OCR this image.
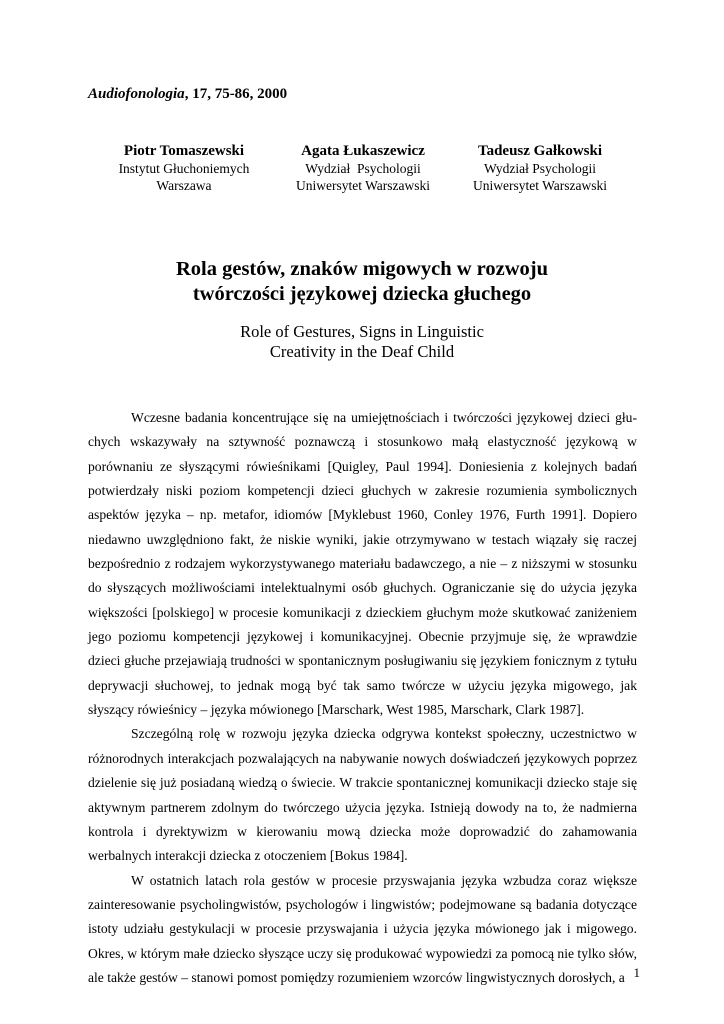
Audiofonologia, 17, 75-86, 2000
Piotr Tomaszewski
Instytut Głuchoniemych
Warszawa
Agata Łukaszewicz
Wydział  Psychologii
Uniwersytet Warszawski
Tadeusz Gałkowski
Wydział Psychologii
Uniwersytet Warszawski
Rola gestów, znaków migowych w rozwoju
twórczości językowej dziecka głuchego
Role of Gestures, Signs in Linguistic
Creativity in the Deaf Child

Wczesne badania koncentrujące się na umiejętnościach i twórczości językowej dzieci głuchych wskazywały na sztywność poznawczą i stosunkowo małą elastyczność językową w porównaniu ze słyszącymi rówieśnikami [Quigley, Paul 1994]. Doniesienia z kolejnych badań potwierdzały niski poziom kompetencji dzieci głuchych w zakresie rozumienia symbolicznych aspektów języka – np. metafor, idiomów [Myklebust 1960, Conley 1976, Furth 1991]. Dopiero niedawno uwzględniono fakt, że niskie wyniki, jakie otrzymywano w testach wiązały się raczej bezpośrednio z rodzajem wykorzystywanego materiału badawczego, a nie – z niższymi w stosunku do słyszących możliwościami intelektualnymi osób głuchych. Ograniczanie się do użycia języka większości [polskiego] w procesie komunikacji z dzieckiem głuchym może skutkować zaniżeniem jego poziomu kompetencji językowej i komunikacyjnej. Obecnie przyjmuje się, że wprawdzie dzieci głuche przejawiają trudności w spontanicznym posługiwaniu się językiem fonicznym z tytułu deprywacji słuchowej, to jednak mogą być tak samo twórcze w użyciu języka migowego, jak słyszący rówieśnicy – języka mówionego [Marschark, West 1985, Marschark, Clark 1987].

Szczególną rolę w rozwoju języka dziecka odgrywa kontekst społeczny, uczestnictwo w różnorodnych interakcjach pozwalających na nabywanie nowych doświadczeń językowych poprzez dzielenie się już posiadaną wiedzą o świecie. W trakcie spontanicznej komunikacji dziecko staje się aktywnym partnerem zdolnym do twórczego użycia języka. Istnieją dowody na to, że nadmierna kontrola i dyrektywizm w kierowaniu mową dziecka może doprowadzić do zahamowania werbalnych interakcji dziecka z otoczeniem [Bokus 1984].

W ostatnich latach rola gestów w procesie przyswajania języka wzbudza coraz większe zainteresowanie psycholingwistów, psychologów i lingwistów; podejmowane są badania dotyczące istoty udziału gestykulacji w procesie przyswajania i użycia języka mówionego jak i migowego. Okres, w którym małe dziecko słyszące uczy się produkować wypowiedzi za pomocą nie tylko słów, ale także gestów – stanowi pomost pomiędzy rozumieniem wzorców lingwistycznych dorosłych, a 1
